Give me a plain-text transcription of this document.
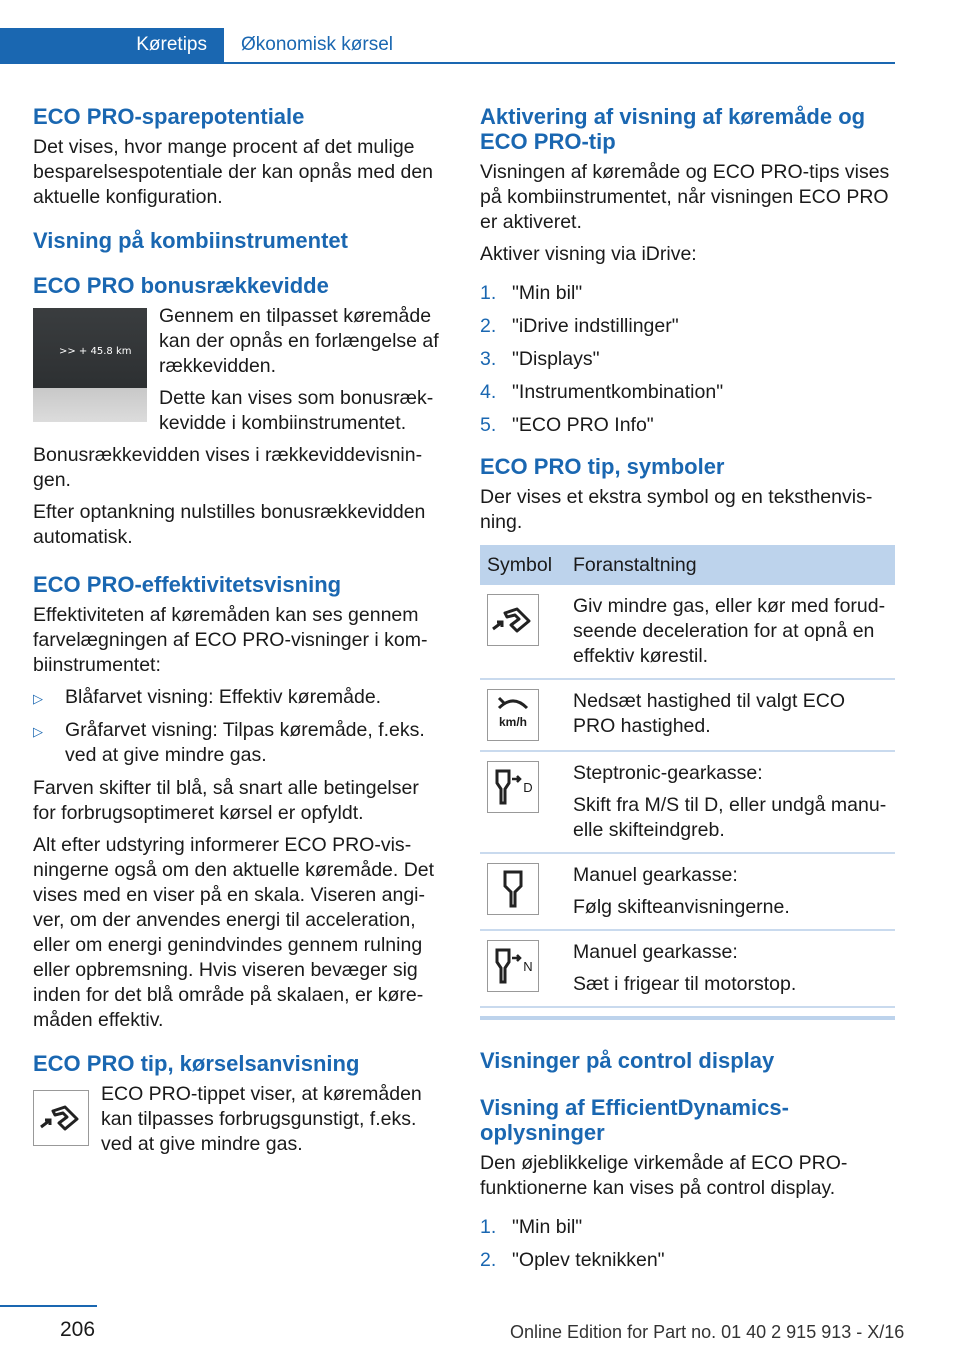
Køretips	Økonomisk kørsel
ECO PRO-sparepotentiale

Det vises, hvor mange procent af det mulige besparelsespotentiale der kan opnås med den aktuelle konfiguration.

Visning på kombiinstrumentet
ECO PRO bonusrækkevidde
>> + 45.8 km

Gennem en tilpasset køremåde kan der opnås en forlængelse af rækkevidden.

Dette kan vises som bonusrækkevidde i kombiinstrumentet.

Bonusrækkevidden vises i rækkeviddevisningen.

Efter optankning nulstilles bonusrækkevidden automatisk.

ECO PRO-effektivitetsvisning

Effektiviteten af køremåden kan ses gennem farvelægningen af ECO PRO-visninger i kombiinstrumentet:

▷ Blåfarvet visning: Effektiv køremåde.
▷ Gråfarvet visning: Tilpas køremåde, f.eks. ved at give mindre gas.

Farven skifter til blå, så snart alle betingelser for forbrugsoptimeret kørsel er opfyldt.

Alt efter udstyring informerer ECO PRO-visningerne også om den aktuelle køremåde. Det vises med en viser på en skala. Viseren angiver, om der anvendes energi til acceleration, eller om energi genindvindes gennem rulning eller opbremsning. Hvis viseren bevæger sig inden for det blå område på skalaen, er køremåden effektiv.

ECO PRO tip, kørselsanvisning

ECO PRO-tippet viser, at køremåden kan tilpasses forbrugsgunstigt, f.eks. ved at give mindre gas.

Aktivering af visning af køremåde og ECO PRO-tip

Visningen af køremåde og ECO PRO-tips vises på kombiinstrumentet, når visningen ECO PRO er aktiveret.

Aktiver visning via iDrive:

1. "Min bil"
2. "iDrive indstillinger"
3. "Displays"
4. "Instrumentkombination"
5. "ECO PRO Info"
ECO PRO tip, symboler

Der vises et ekstra symbol og en teksthenvisning.

Symbol	Foranstaltning

Giv mindre gas, eller kør med forudseende deceleration for at opnå en effektiv kørestil.

km/h	Nedsæt hastighed til valgt ECO PRO hastighed.

D	Steptronic-gearkasse:

Skift fra M/S til D, eller undgå manuelle skifteindgreb.

Manuel gearkasse:

Følg skifteanvisningerne.

N	Manuel gearkasse:

Sæt i frigear til motorstop.

Visninger på control display
Visning af EfficientDynamics-oplysninger

Den øjeblikkelige virkemåde af ECO PRO-funktionerne kan vises på control display.

1. "Min bil"
2. "Oplev teknikken"
206	Online Edition for Part no. 01 40 2 915 913 - X/16
